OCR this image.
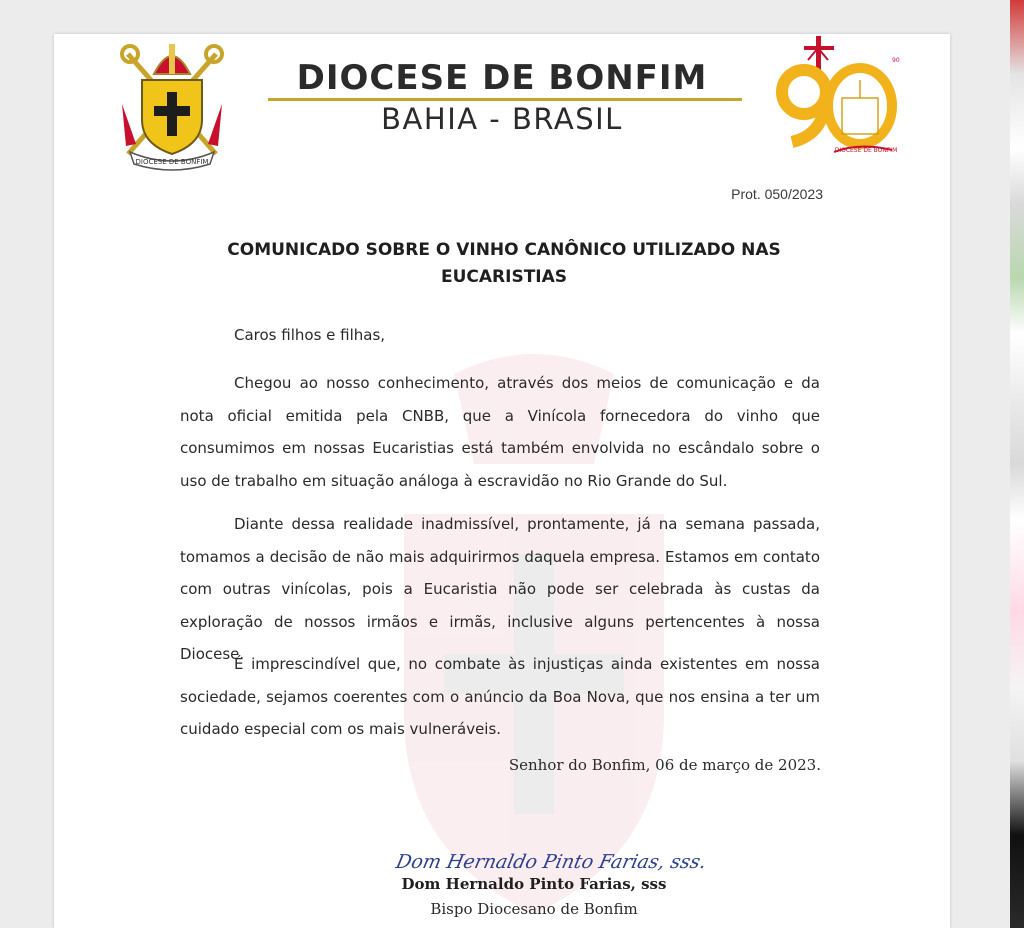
DIOCESE DE BONFIM
DIOCESE DE BONFIM
90
DIOCESE DE BONFIM
BAHIA - BRASIL
Prot. 050/2023
COMUNICADO SOBRE O VINHO CANÔNICO UTILIZADO NAS
EUCARISTIAS
Caros filhos e filhas,

Chegou ao nosso conhecimento, através dos meios de comunicação e da nota oficial emitida pela CNBB, que a Vinícola fornecedora do vinho que consumimos em nossas Eucaristias está também envolvida no escândalo sobre o uso de trabalho em situação análoga à escravidão no Rio Grande do Sul.

Diante dessa realidade inadmissível, prontamente, já na semana passada, tomamos a decisão de não mais adquirirmos daquela empresa. Estamos em contato com outras vinícolas, pois a Eucaristia não pode ser celebrada às custas da exploração de nossos irmãos e irmãs, inclusive alguns pertencentes à nossa Diocese.

É imprescindível que, no combate às injustiças ainda existentes em nossa sociedade, sejamos coerentes com o anúncio da Boa Nova, que nos ensina a ter um cuidado especial com os mais vulneráveis.

Senhor do Bonfim, 06 de março de 2023.
Dom Hernaldo Pinto Farias, sss.
Dom Hernaldo Pinto Farias, sss
Bispo Diocesano de Bonfim
